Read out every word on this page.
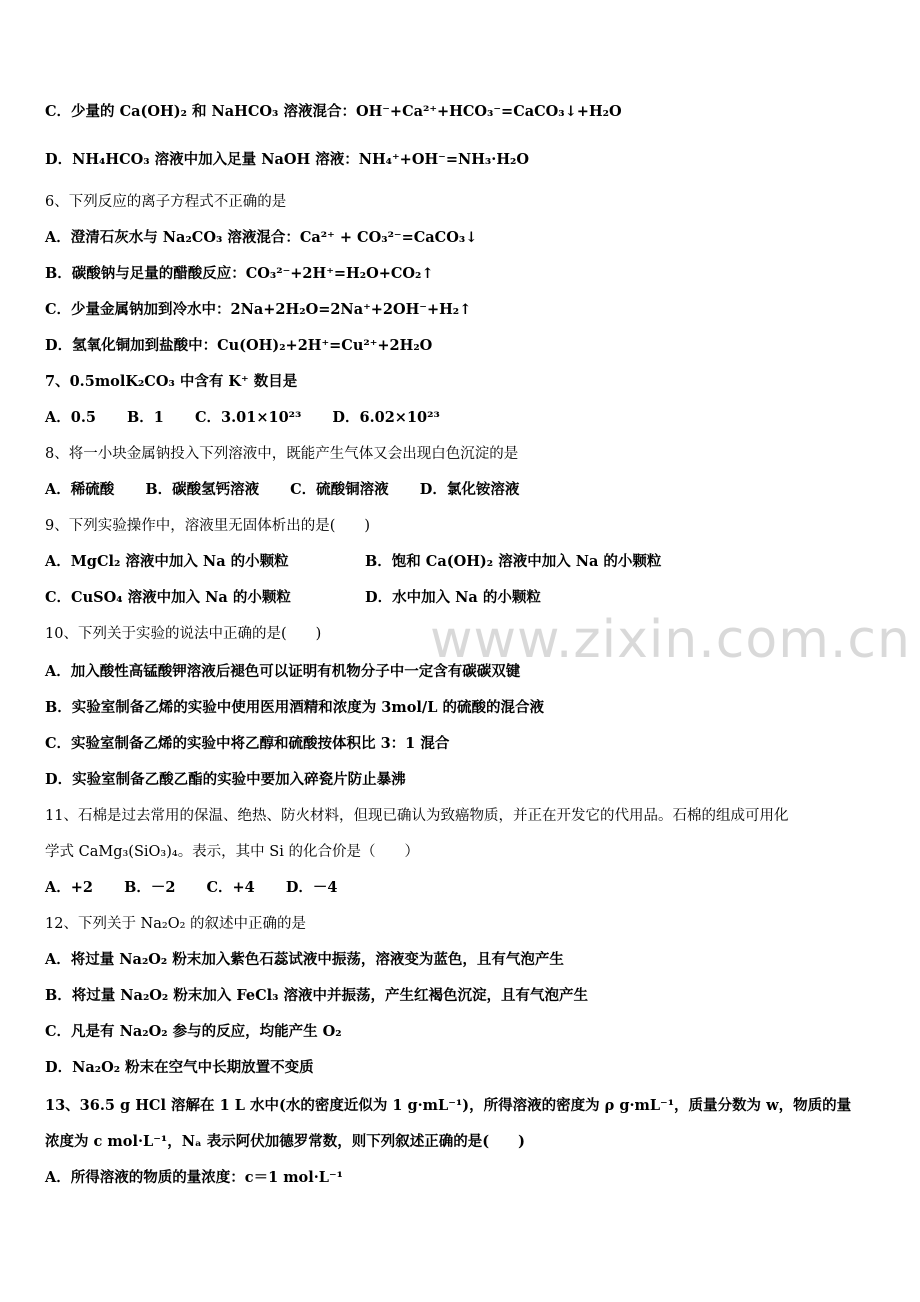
www.zixin.com.cn
C．少量的 Ca(OH)₂ 和 NaHCO₃ 溶液混合：OH⁻+Ca²⁺+HCO₃⁻=CaCO₃↓+H₂O
D．NH₄HCO₃ 溶液中加入足量 NaOH 溶液：NH₄⁺+OH⁻=NH₃·H₂O
6、下列反应的离子方程式不正确的是
A．澄清石灰水与 Na₂CO₃ 溶液混合：Ca²⁺ + CO₃²⁻=CaCO₃↓
B．碳酸钠与足量的醋酸反应：CO₃²⁻+2H⁺=H₂O+CO₂↑
C．少量金属钠加到冷水中：2Na+2H₂O=2Na⁺+2OH⁻+H₂↑
D．氢氧化铜加到盐酸中：Cu(OH)₂+2H⁺=Cu²⁺+2H₂O
7、0.5molK₂CO₃ 中含有 K⁺ 数目是
A．0.5 B．1 C．3.01×10²³ D．6.02×10²³
8、将一小块金属钠投入下列溶液中，既能产生气体又会出现白色沉淀的是
A．稀硫酸 B．碳酸氢钙溶液 C．硫酸铜溶液 D．氯化铵溶液
9、下列实验操作中，溶液里无固体析出的是(　　)
A．MgCl₂ 溶液中加入 Na 的小颗粒	B．饱和 Ca(OH)₂ 溶液中加入 Na 的小颗粒
C．CuSO₄ 溶液中加入 Na 的小颗粒	D．水中加入 Na 的小颗粒
10、下列关于实验的说法中正确的是(　　)
A．加入酸性高锰酸钾溶液后褪色可以证明有机物分子中一定含有碳碳双键
B．实验室制备乙烯的实验中使用医用酒精和浓度为 3mol/L 的硫酸的混合液
C．实验室制备乙烯的实验中将乙醇和硫酸按体积比 3：1 混合
D．实验室制备乙酸乙酯的实验中要加入碎瓷片防止暴沸
11、石棉是过去常用的保温、绝热、防火材料，但现已确认为致癌物质，并正在开发它的代用品。石棉的组成可用化
学式 CaMg₃(SiO₃)₄。表示，其中 Si 的化合价是（　　）
A．+2 B．－2 C．+4 D．－4
12、下列关于 Na₂O₂ 的叙述中正确的是
A．将过量 Na₂O₂ 粉末加入紫色石蕊试液中振荡，溶液变为蓝色，且有气泡产生
B．将过量 Na₂O₂ 粉末加入 FeCl₃ 溶液中并振荡，产生红褐色沉淀，且有气泡产生
C．凡是有 Na₂O₂ 参与的反应，均能产生 O₂
D．Na₂O₂ 粉末在空气中长期放置不变质
13、36.5 g HCl 溶解在 1 L 水中(水的密度近似为 1 g·mL⁻¹)，所得溶液的密度为 ρ g·mL⁻¹，质量分数为 w，物质的量
浓度为 c mol·L⁻¹，Nₐ 表示阿伏加德罗常数，则下列叙述正确的是(　　)
A．所得溶液的物质的量浓度：c＝1 mol·L⁻¹
